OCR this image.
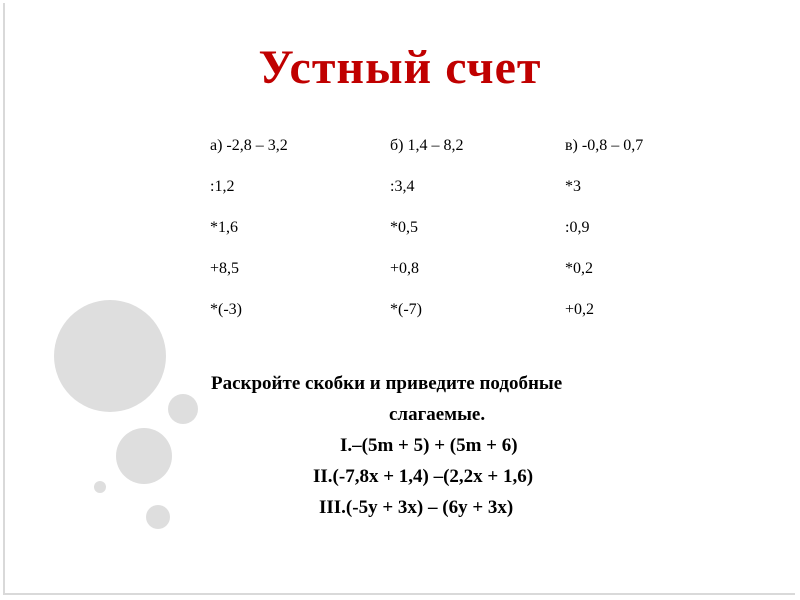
Устный счет
а) -2,8 – 3,2	б) 1,4 – 8,2	в) -0,8 – 0,7
:1,2	:3,4	*3
*1,6	*0,5	:0,9
+8,5	+0,8	*0,2
*(-3)	*(-7)	+0,2
Раскройте скобки и приведите подобные
слагаемые.
I.–(5m + 5) + (5m + 6)
II.(-7,8x + 1,4) –(2,2x + 1,6)
III.(-5y + 3x) – (6y + 3x)
